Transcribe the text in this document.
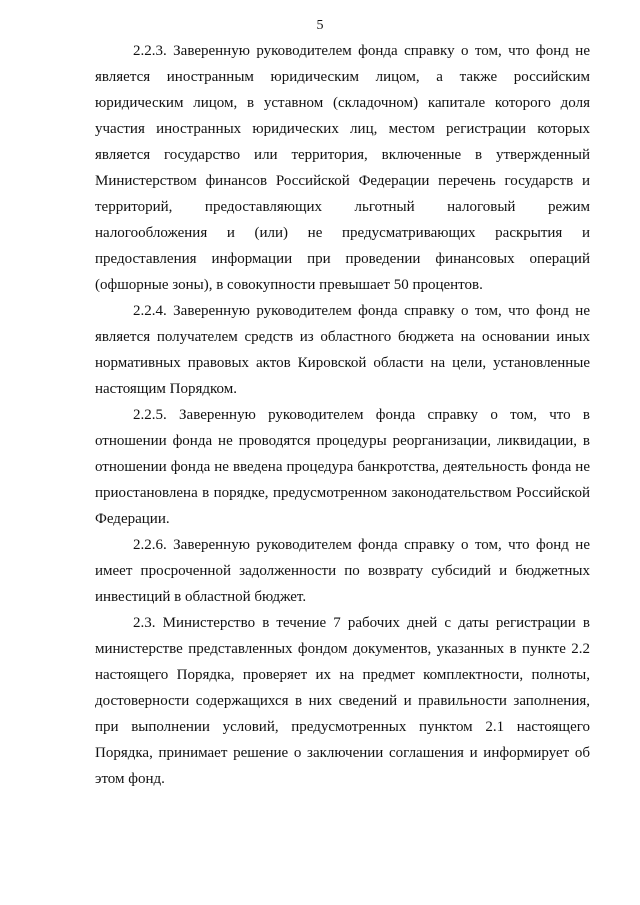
5

2.2.3. Заверенную руководителем фонда справку о том, что фонд не является иностранным юридическим лицом, а также российским юридическим лицом, в уставном (складочном) капитале которого доля участия иностранных юридических лиц, местом регистрации которых является государство или территория, включенные в утвержденный Министерством финансов Российской Федерации перечень государств и территорий, предоставляющих льготный налоговый режим налогообложения и (или) не предусматривающих раскрытия и предоставления информации при проведении финансовых операций (офшорные зоны), в совокупности превышает 50 процентов.

2.2.4. Заверенную руководителем фонда справку о том, что фонд не является получателем средств из областного бюджета на основании иных нормативных правовых актов Кировской области на цели, установленные настоящим Порядком.

2.2.5. Заверенную руководителем фонда справку о том, что в отношении фонда не проводятся процедуры реорганизации, ликвидации, в отношении фонда не введена процедура банкротства, деятельность фонда не приостановлена в порядке, предусмотренном законодательством Российской Федерации.

2.2.6. Заверенную руководителем фонда справку о том, что фонд не имеет просроченной задолженности по возврату субсидий и бюджетных инвестиций в областной бюджет.

2.3. Министерство в течение 7 рабочих дней с даты регистрации в министерстве представленных фондом документов, указанных в пункте 2.2 настоящего Порядка, проверяет их на предмет комплектности, полноты, достоверности содержащихся в них сведений и правильности заполнения, при выполнении условий, предусмотренных пунктом 2.1 настоящего Порядка, принимает решение о заключении соглашения и информирует об этом фонд.
